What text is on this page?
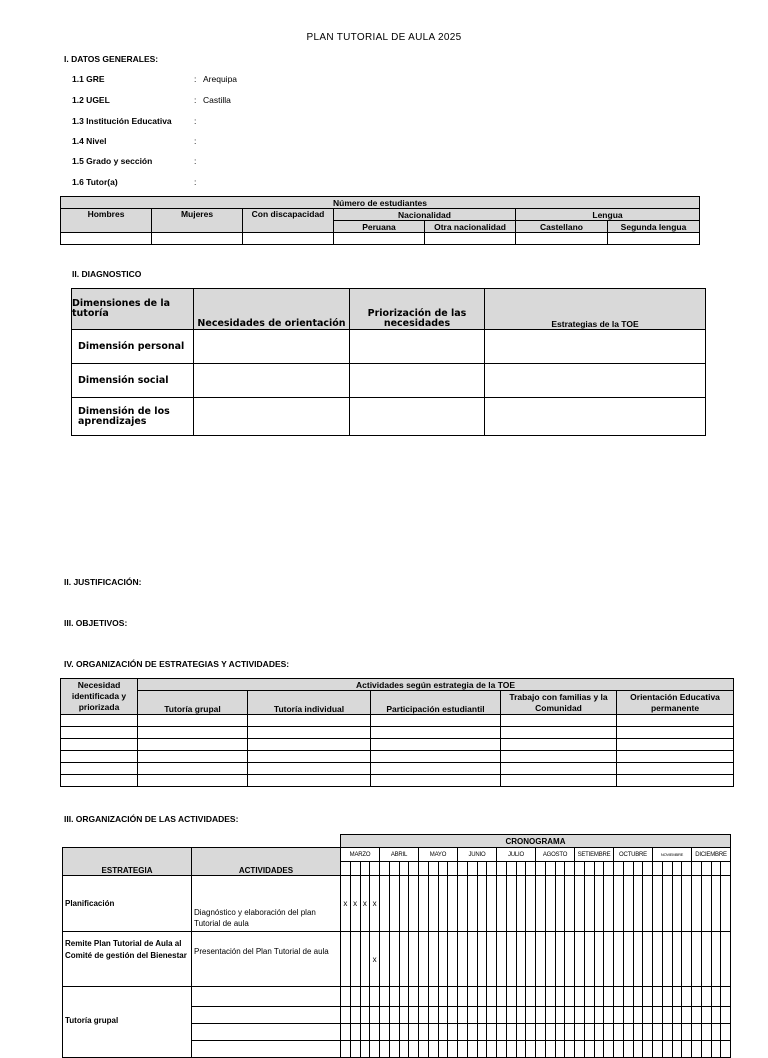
PLAN TUTORIAL DE AULA 2025
I. DATOS GENERALES:
1.1 GRE	: Arequipa
1.2 UGEL	: Castilla
1.3 Institución Educativa	:
1.4 Nivel	:
1.5 Grado y sección	:
1.6 Tutor(a)	:
Número de estudiantes						
Hombres	Mujeres	Con discapacidad	Nacionalidad		Lengua	
			Peruana	Otra nacionalidad	Castellano	Segunda lengua

II. DIAGNOSTICO
Dimensiones de la tutoría	Necesidades de orientación	Priorización de las necesidades	Estrategias de la TOE
Dimensión personal			
Dimensión social			
Dimensión de los aprendizajes			
II. JUSTIFICACIÓN:
III. OBJETIVOS:
IV. ORGANIZACIÓN DE ESTRATEGIAS Y ACTIVIDADES:
Necesidad identificada y priorizada	Actividades según estrategia de la TOE				
	Tutoría grupal	Tutoría individual	Participación estudiantil	Trabajo con familias y la Comunidad	Orientación Educativa permanente

III. ORGANIZACIÓN DE LAS ACTIVIDADES:
		CRONOGRAMA																																							
ESTRATEGIA	ACTIVIDADES	MARZO				ABRIL				MAYO				JUNIO				JULIO				AGOSTO				SETIEMBRE				OCTUBRE				NOVIEMBRE				DICIEMBRE			

Planificación	Diagnóstico y elaboración del plan Tutorial de aula	x	x	x	x																																				
Remite Plan Tutorial de Aula al Comité de gestión del Bienestar	Presentación del Plan Tutorial de aula				x																																				
Tutoría grupal																																									
